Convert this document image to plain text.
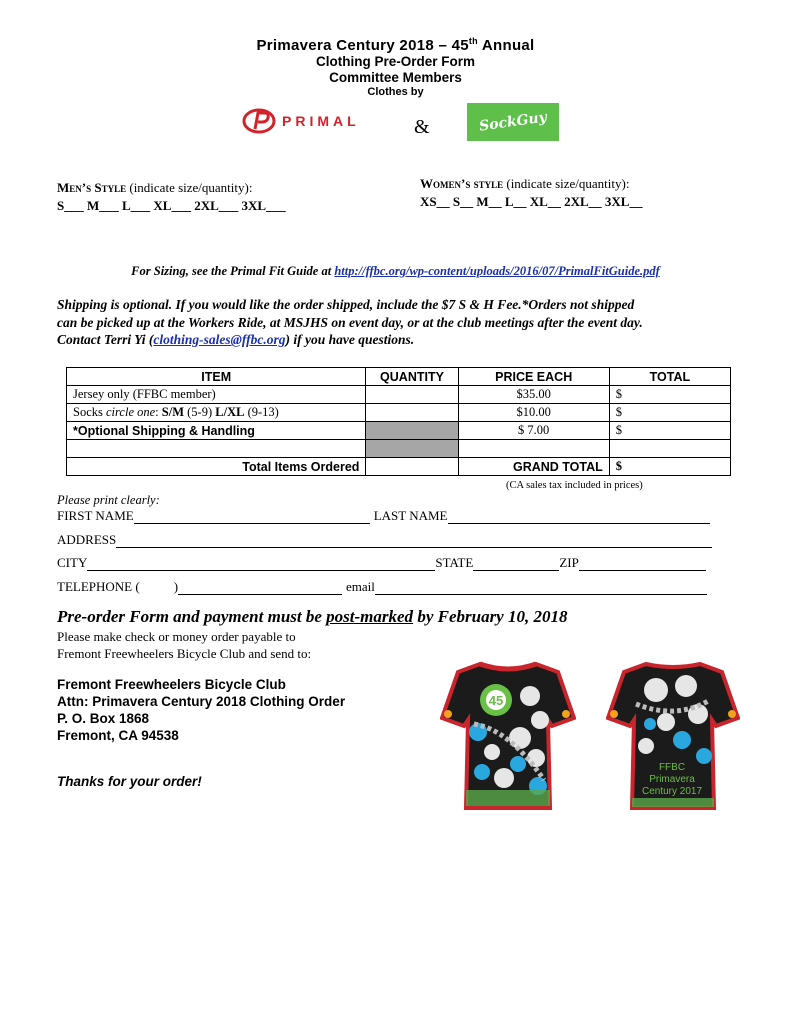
Primavera Century 2018 – 45th Annual
Clothing Pre-Order Form
Committee Members
Clothes by
PRIMAL	&	SockGuy
Men’s Style (indicate size/quantity):
S___ M___ L___ XL___ 2XL___ 3XL___
Women’s style (indicate size/quantity):
XS__ S__ M__ L__ XL__ 2XL__ 3XL__
For Sizing, see the Primal Fit Guide at http://ffbc.org/wp-content/uploads/2016/07/PrimalFitGuide.pdf
Shipping is optional. If you would like the order shipped, include the $7 S & H Fee.*Orders not shipped
can be picked up at the Workers Ride, at MSJHS on event day, or at the club meetings after the event day.
Contact Terri Yi (clothing-sales@ffbc.org) if you have questions.
ITEM	QUANTITY	PRICE EACH	TOTAL
Jersey only (FFBC member)		$35.00	$
Socks circle one: S/M (5-9) L/XL (9-13)		$10.00	$
*Optional Shipping & Handling		$ 7.00	$

Total Items Ordered		GRAND TOTAL	$
(CA sales tax included in prices)
Please print clearly:
FIRST NAME	LAST NAME
ADDRESS
CITY	STATE	ZIP
TELEPHONE (	)	email
Pre-order Form and payment must be post-marked by February 10, 2018
Please make check or money order payable to
Fremont Freewheelers Bicycle Club and send to:
Fremont Freewheelers Bicycle Club
Attn: Primavera Century 2018 Clothing Order
P. O. Box 1868
Fremont, CA 94538
Thanks for your order!
45
FFBC
Primavera
Century 2017
